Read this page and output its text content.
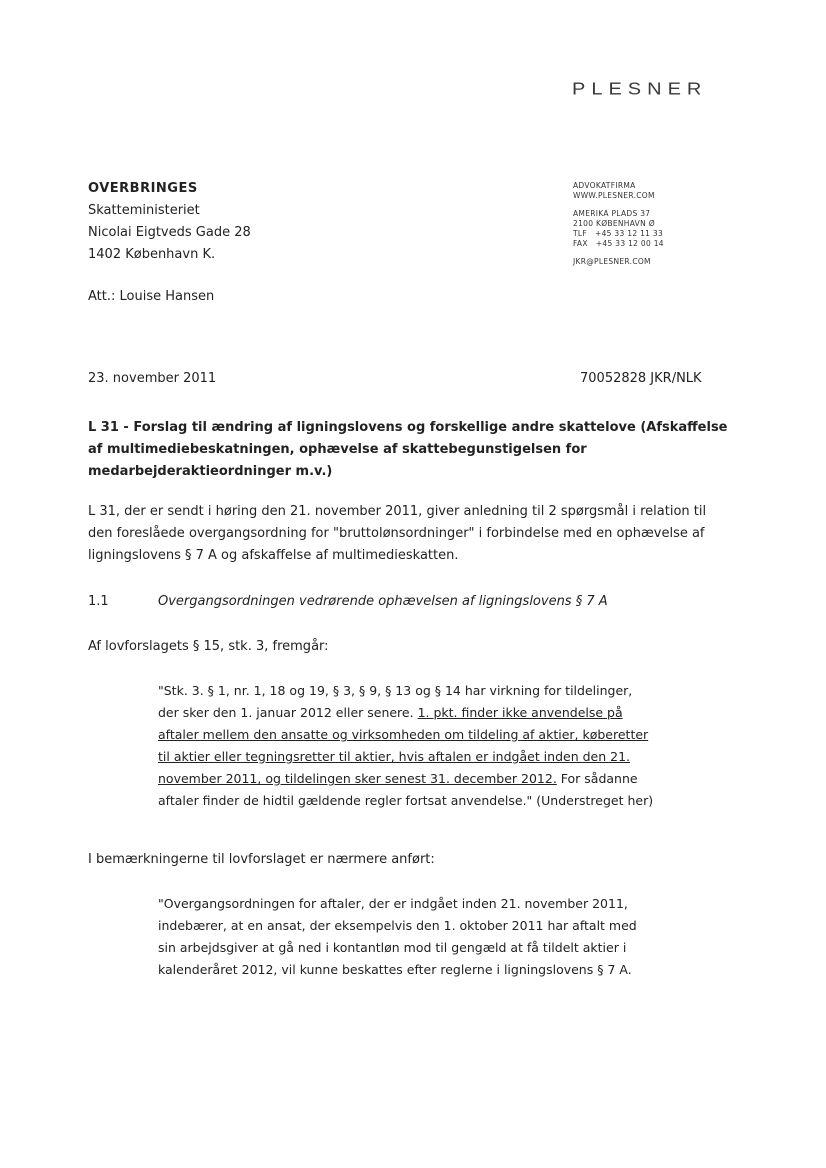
PLESNER
OVERBRINGES
Skatteministeriet
Nicolai Eigtveds Gade 28
1402 København K.
Att.: Louise Hansen
ADVOKATFIRMA
WWW.PLESNER.COM
AMERIKA PLADS 37
2100 KØBENHAVN Ø
TLF   +45 33 12 11 33
FAX   +45 33 12 00 14
JKR@PLESNER.COM
23. november 2011	70052828 JKR/NLK
L 31 - Forslag til ændring af ligningslovens og forskellige andre skattelove (Afskaffelse af multimediebeskatningen, ophævelse af skattebegunstigelsen for medarbejderaktieordninger m.v.)
L 31, der er sendt i høring den 21. november 2011, giver anledning til 2 spørgsmål i relation til den foreslåede overgangsordning for "bruttolønsordninger" i forbindelse med en ophævelse af ligningslovens § 7 A og afskaffelse af multimedieskatten.
1.1	Overgangsordningen vedrørende ophævelsen af ligningslovens § 7 A
Af lovforslagets § 15, stk. 3, fremgår:
"Stk. 3. § 1, nr. 1, 18 og 19, § 3, § 9, § 13 og § 14 har virkning for tildelinger, der sker den 1. januar 2012 eller senere. 1. pkt. finder ikke anvendelse på aftaler mellem den ansatte og virksomheden om tildeling af aktier, køberetter til aktier eller tegningsretter til aktier, hvis aftalen er indgået inden den 21. november 2011, og tildelingen sker senest 31. december 2012. For sådanne aftaler finder de hidtil gældende regler fortsat anvendelse." (Understreget her)
I bemærkningerne til lovforslaget er nærmere anført:
"Overgangsordningen for aftaler, der er indgået inden 21. november 2011, indebærer, at en ansat, der eksempelvis den 1. oktober 2011 har aftalt med sin arbejdsgiver at gå ned i kontantløn mod til gengæld at få tildelt aktier i kalenderåret 2012, vil kunne beskattes efter reglerne i ligningslovens § 7 A.
